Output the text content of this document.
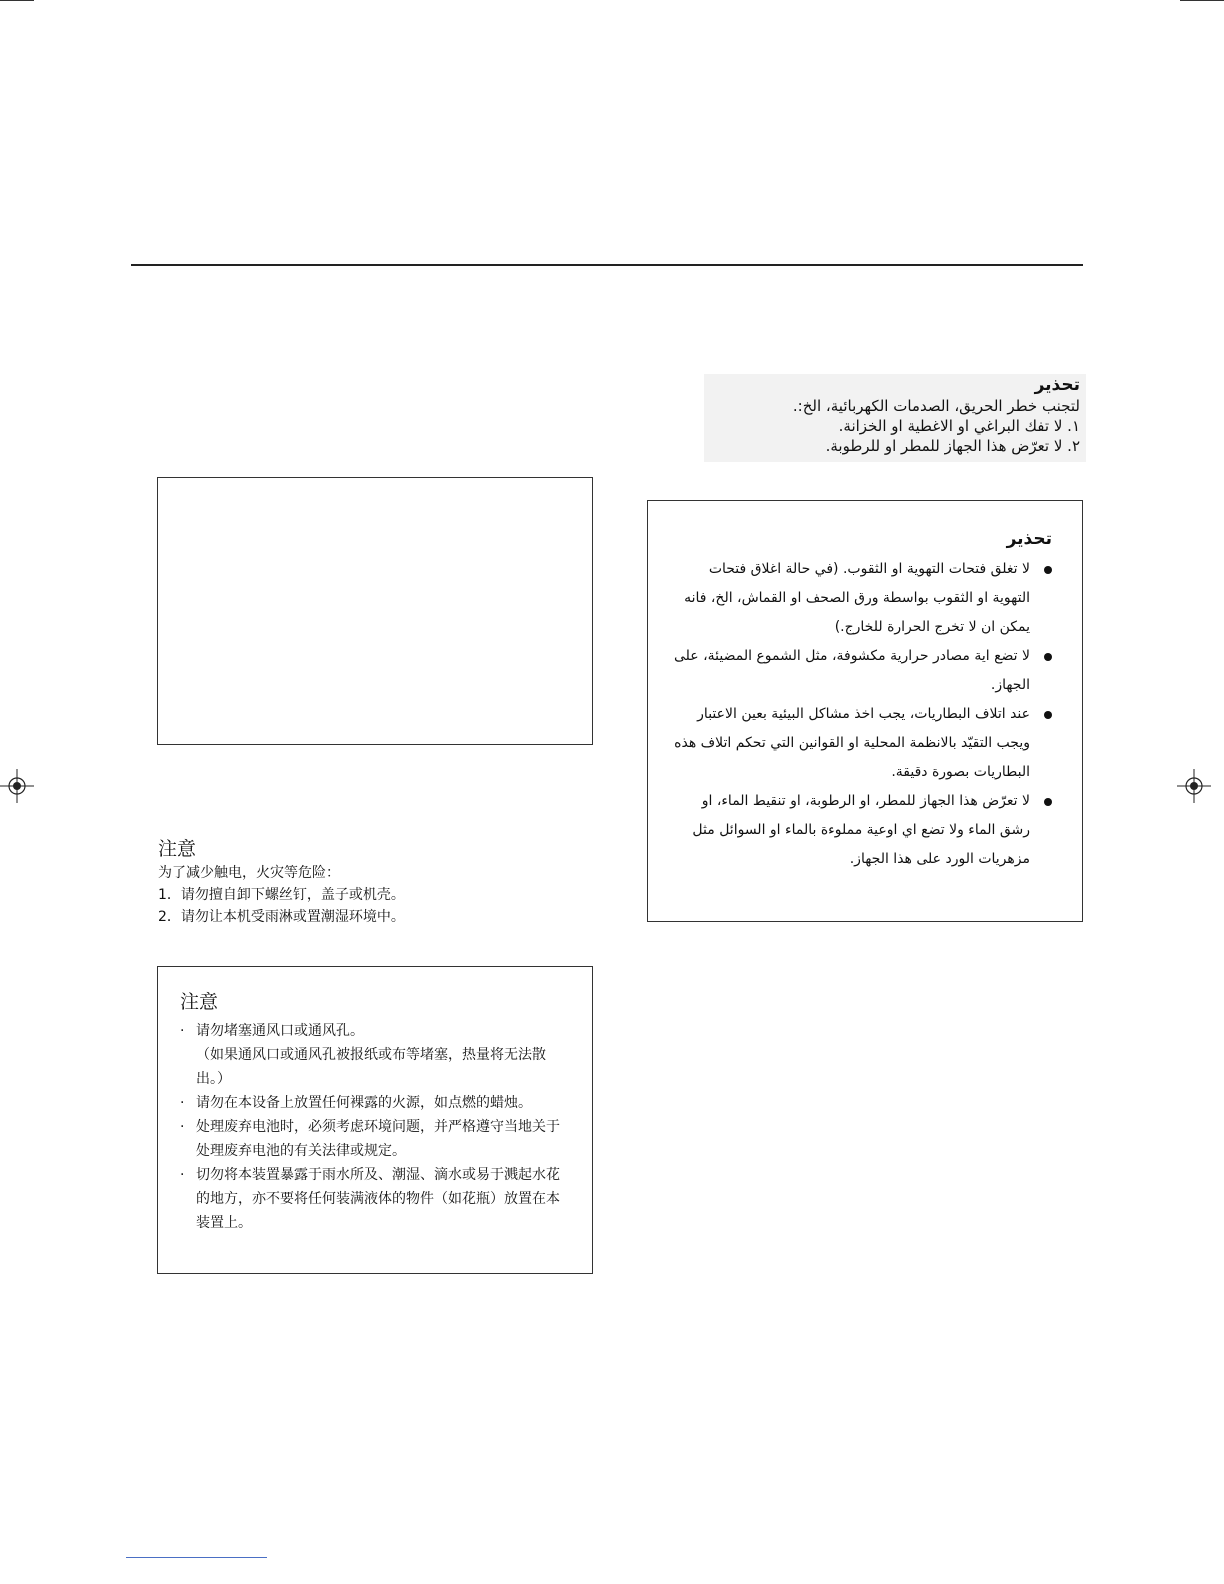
تحذير
لتجنب خطر الحريق، الصدمات الكهربائية، الخ:.
١. لا تفك البراغي او الاغطية او الخزانة.
٢. لا تعرّض هذا الجهاز للمطر او للرطوبة.
تحذير
لا تغلق فتحات التهوية او الثقوب. (في حالة اغلاق فتحات التهوية او الثقوب بواسطة ورق الصحف او القماش، الخ، فانه يمكن ان لا تخرج الحرارة للخارج.)
لا تضع اية مصادر حرارية مكشوفة، مثل الشموع المضيئة، على الجهاز.
عند اتلاف البطاريات، يجب اخذ مشاكل البيئية بعين الاعتبار ويجب التقيّد بالانظمة المحلية او القوانين التي تحكم اتلاف هذه البطاريات بصورة دقيقة.
لا تعرّض هذا الجهاز للمطر، او الرطوبة، او تنقيط الماء، او رشق الماء ولا تضع اي اوعية مملوءة بالماء او السوائل مثل مزهريات الورد على هذا الجهاز.
注意
为了减少触电，火灾等危险：
1．请勿擅自卸下螺丝钉，盖子或机壳。
2．请勿让本机受雨淋或置潮湿环境中。
注意
· 请勿堵塞通风口或通风孔。
（如果通风口或通风孔被报纸或布等堵塞，热量将无法散出。）
· 请勿在本设备上放置任何裸露的火源，如点燃的蜡烛。
· 处理废弃电池时，必须考虑环境问题，并严格遵守当地关于处理废弃电池的有关法律或规定。
· 切勿将本装置暴露于雨水所及、潮湿、滴水或易于溅起水花的地方，亦不要将任何装满液体的物件（如花瓶）放置在本装置上。
